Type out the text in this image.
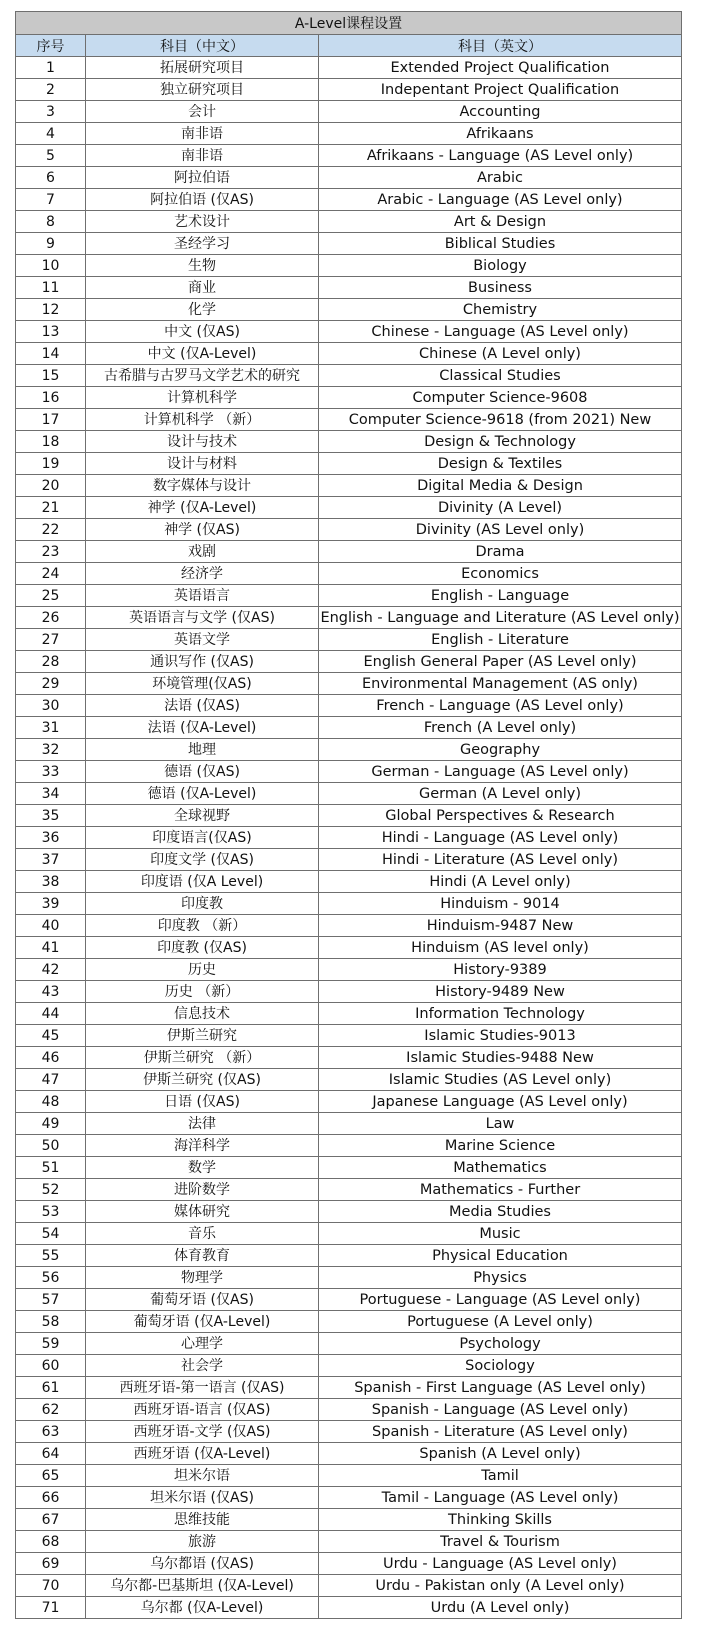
A-Level课程设置		
序号	科目（中文）	科目（英文）
1	拓展研究项目	Extended Project Qualification
2	独立研究项目	Indepentant Project Qualification
3	会计	Accounting
4	南非语	Afrikaans
5	南非语	Afrikaans - Language (AS Level only)
6	阿拉伯语	Arabic
7	阿拉伯语 (仅AS)	Arabic - Language (AS Level only)
8	艺术设计	Art & Design
9	圣经学习	Biblical Studies
10	生物	Biology
11	商业	Business
12	化学	Chemistry
13	中文 (仅AS)	Chinese - Language (AS Level only)
14	中文 (仅A-Level)	Chinese (A Level only)
15	古希腊与古罗马文学艺术的研究	Classical Studies
16	计算机科学	Computer Science-9608
17	计算机科学 （新）	Computer Science-9618 (from 2021) New
18	设计与技术	Design & Technology
19	设计与材料	Design & Textiles
20	数字媒体与设计	Digital Media & Design
21	神学 (仅A-Level)	Divinity (A Level)
22	神学 (仅AS)	Divinity (AS Level only)
23	戏剧	Drama
24	经济学	Economics
25	英语语言	English - Language
26	英语语言与文学 (仅AS)	English - Language and Literature (AS Level only)
27	英语文学	English - Literature
28	通识写作 (仅AS)	English General Paper (AS Level only)
29	环境管理(仅AS)	Environmental Management (AS only)
30	法语 (仅AS)	French - Language (AS Level only)
31	法语 (仅A-Level)	French (A Level only)
32	地理	Geography
33	德语 (仅AS)	German - Language (AS Level only)
34	德语 (仅A-Level)	German (A Level only)
35	全球视野	Global Perspectives & Research
36	印度语言(仅AS)	Hindi - Language (AS Level only)
37	印度文学 (仅AS)	Hindi - Literature (AS Level only)
38	印度语 (仅A Level)	Hindi (A Level only)
39	印度教	Hinduism - 9014
40	印度教 （新）	Hinduism-9487 New
41	印度教 (仅AS)	Hinduism (AS level only)
42	历史	History-9389
43	历史 （新）	History-9489 New
44	信息技术	Information Technology
45	伊斯兰研究	Islamic Studies-9013
46	伊斯兰研究 （新）	Islamic Studies-9488 New
47	伊斯兰研究 (仅AS)	Islamic Studies (AS Level only)
48	日语 (仅AS)	Japanese Language (AS Level only)
49	法律	Law
50	海洋科学	Marine Science
51	数学	Mathematics
52	进阶数学	Mathematics - Further
53	媒体研究	Media Studies
54	音乐	Music
55	体育教育	Physical Education
56	物理学	Physics
57	葡萄牙语 (仅AS)	Portuguese - Language (AS Level only)
58	葡萄牙语 (仅A-Level)	Portuguese (A Level only)
59	心理学	Psychology
60	社会学	Sociology
61	西班牙语-第一语言 (仅AS)	Spanish - First Language (AS Level only)
62	西班牙语-语言 (仅AS)	Spanish - Language (AS Level only)
63	西班牙语-文学 (仅AS)	Spanish - Literature (AS Level only)
64	西班牙语 (仅A-Level)	Spanish (A Level only)
65	坦米尔语	Tamil
66	坦米尔语 (仅AS)	Tamil - Language (AS Level only)
67	思维技能	Thinking Skills
68	旅游	Travel & Tourism
69	乌尔都语 (仅AS)	Urdu - Language (AS Level only)
70	乌尔都-巴基斯坦 (仅A-Level)	Urdu - Pakistan only (A Level only)
71	乌尔都 (仅A-Level)	Urdu (A Level only)
